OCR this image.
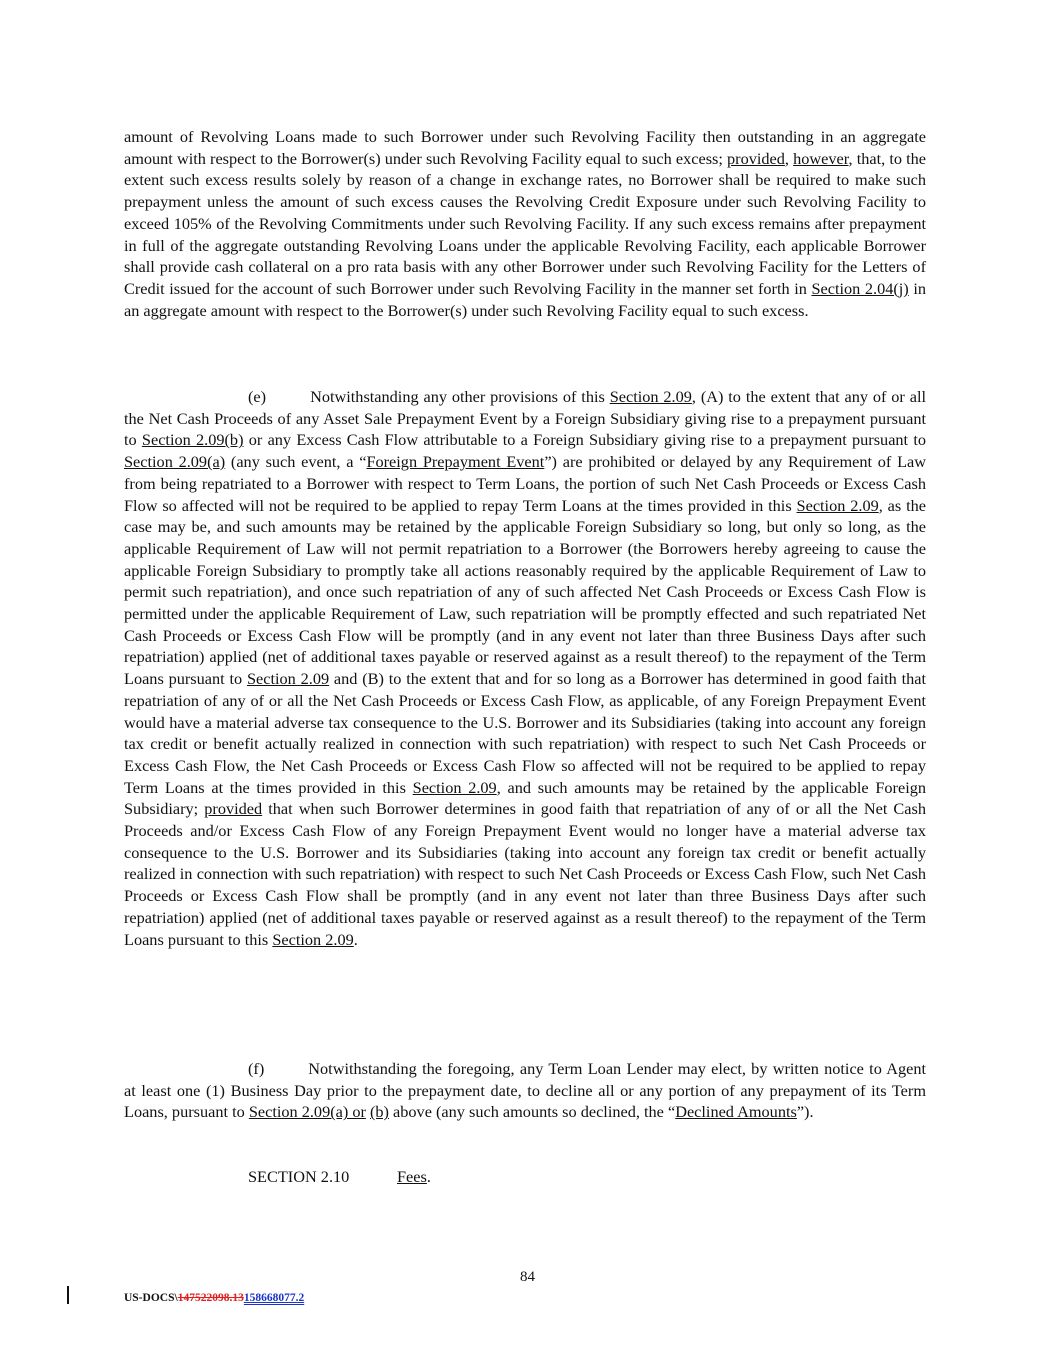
amount of Revolving Loans made to such Borrower under such Revolving Facility then outstanding in an aggregate amount with respect to the Borrower(s) under such Revolving Facility equal to such excess; provided, however, that, to the extent such excess results solely by reason of a change in exchange rates, no Borrower shall be required to make such prepayment unless the amount of such excess causes the Revolving Credit Exposure under such Revolving Facility to exceed 105% of the Revolving Commitments under such Revolving Facility. If any such excess remains after prepayment in full of the aggregate outstanding Revolving Loans under the applicable Revolving Facility, each applicable Borrower shall provide cash collateral on a pro rata basis with any other Borrower under such Revolving Facility for the Letters of Credit issued for the account of such Borrower under such Revolving Facility in the manner set forth in Section 2.04(j) in an aggregate amount with respect to the Borrower(s) under such Revolving Facility equal to such excess.

(e)	Notwithstanding any other provisions of this Section 2.09, (A) to the extent that any of or all the Net Cash Proceeds of any Asset Sale Prepayment Event by a Foreign Subsidiary giving rise to a prepayment pursuant to Section 2.09(b) or any Excess Cash Flow attributable to a Foreign Subsidiary giving rise to a prepayment pursuant to Section 2.09(a) (any such event, a “Foreign Prepayment Event”) are prohibited or delayed by any Requirement of Law from being repatriated to a Borrower with respect to Term Loans, the portion of such Net Cash Proceeds or Excess Cash Flow so affected will not be required to be applied to repay Term Loans at the times provided in this Section 2.09, as the case may be, and such amounts may be retained by the applicable Foreign Subsidiary so long, but only so long, as the applicable Requirement of Law will not permit repatriation to a Borrower (the Borrowers hereby agreeing to cause the applicable Foreign Subsidiary to promptly take all actions reasonably required by the applicable Requirement of Law to permit such repatriation), and once such repatriation of any of such affected Net Cash Proceeds or Excess Cash Flow is permitted under the applicable Requirement of Law, such repatriation will be promptly effected and such repatriated Net Cash Proceeds or Excess Cash Flow will be promptly (and in any event not later than three Business Days after such repatriation) applied (net of additional taxes payable or reserved against as a result thereof) to the repayment of the Term Loans pursuant to Section 2.09 and (B) to the extent that and for so long as a Borrower has determined in good faith that repatriation of any of or all the Net Cash Proceeds or Excess Cash Flow, as applicable, of any Foreign Prepayment Event would have a material adverse tax consequence to the U.S. Borrower and its Subsidiaries (taking into account any foreign tax credit or benefit actually realized in connection with such repatriation) with respect to such Net Cash Proceeds or Excess Cash Flow, the Net Cash Proceeds or Excess Cash Flow so affected will not be required to be applied to repay Term Loans at the times provided in this Section 2.09, and such amounts may be retained by the applicable Foreign Subsidiary; provided that when such Borrower determines in good faith that repatriation of any of or all the Net Cash Proceeds and/or Excess Cash Flow of any Foreign Prepayment Event would no longer have a material adverse tax consequence to the U.S. Borrower and its Subsidiaries (taking into account any foreign tax credit or benefit actually realized in connection with such repatriation) with respect to such Net Cash Proceeds or Excess Cash Flow, such Net Cash Proceeds or Excess Cash Flow shall be promptly (and in any event not later than three Business Days after such repatriation) applied (net of additional taxes payable or reserved against as a result thereof) to the repayment of the Term Loans pursuant to this Section 2.09.

(f)	Notwithstanding the foregoing, any Term Loan Lender may elect, by written notice to Agent at least one (1) Business Day prior to the prepayment date, to decline all or any portion of any prepayment of its Term Loans, pursuant to Section 2.09(a) or (b) above (any such amounts so declined, the “Declined Amounts”).

SECTION 2.10	Fees.

84
US-DOCS\147522098.13158668077.2
